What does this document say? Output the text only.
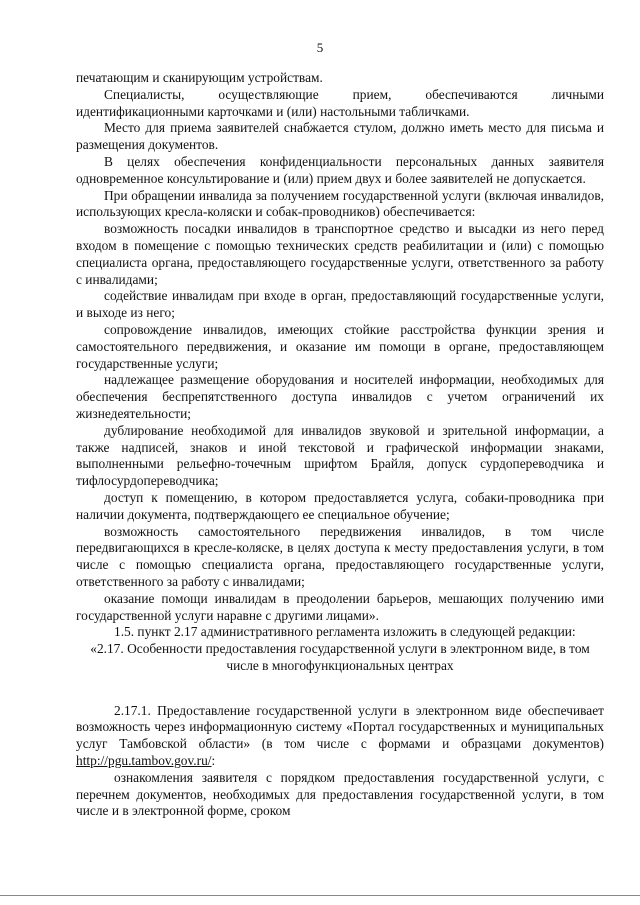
5

печатающим и сканирующим устройствам.

Специалисты, осуществляющие прием, обеспечиваются личными идентификационными карточками и (или) настольными табличками.

Место для приема заявителей снабжается стулом, должно иметь место для письма и размещения документов.

В целях обеспечения конфиденциальности персональных данных заявителя одновременное консультирование и (или) прием двух и более заявителей не допускается.

При обращении инвалида за получением государственной услуги (включая инвалидов, использующих кресла-коляски и собак-проводников) обеспечивается:

возможность посадки инвалидов в транспортное средство и высадки из него перед входом в помещение с помощью технических средств реабилитации и (или) с помощью специалиста органа, предоставляющего государственные услуги, ответственного за работу с инвалидами;

содействие инвалидам при входе в орган, предоставляющий государственные услуги, и выходе из него;

сопровождение инвалидов, имеющих стойкие расстройства функции зрения и самостоятельного передвижения, и оказание им помощи в органе, предоставляющем государственные услуги;

надлежащее размещение оборудования и носителей информации, необходимых для обеспечения беспрепятственного доступа инвалидов с учетом ограничений их жизнедеятельности;

дублирование необходимой для инвалидов звуковой и зрительной информации, а также надписей, знаков и иной текстовой и графической информации знаками, выполненными рельефно-точечным шрифтом Брайля, допуск сурдопереводчика и тифлосурдопереводчика;

доступ к помещению, в котором предоставляется услуга, собаки-проводника при наличии документа, подтверждающего ее специальное обучение;

возможность самостоятельного передвижения инвалидов, в том числе передвигающихся в кресле-коляске, в целях доступа к месту предоставления услуги, в том числе с помощью специалиста органа, предоставляющего государственные услуги, ответственного за работу с инвалидами;

оказание помощи инвалидам в преодолении барьеров, мешающих получению ими государственной услуги наравне с другими лицами».

1.5. пункт 2.17 административного регламента изложить в следующей редакции:

«2.17. Особенности предоставления государственной услуги в электронном виде, в том числе в многофункциональных центрах

2.17.1. Предоставление государственной услуги в электронном виде обеспечивает возможность через информационную систему «Портал государственных и муниципальных услуг Тамбовской области» (в том числе с формами и образцами документов) http://pgu.tambov.gov.ru/:

ознакомления заявителя с порядком предоставления государственной услуги, с перечнем документов, необходимых для предоставления государственной услуги, в том числе и в электронной форме, сроком
